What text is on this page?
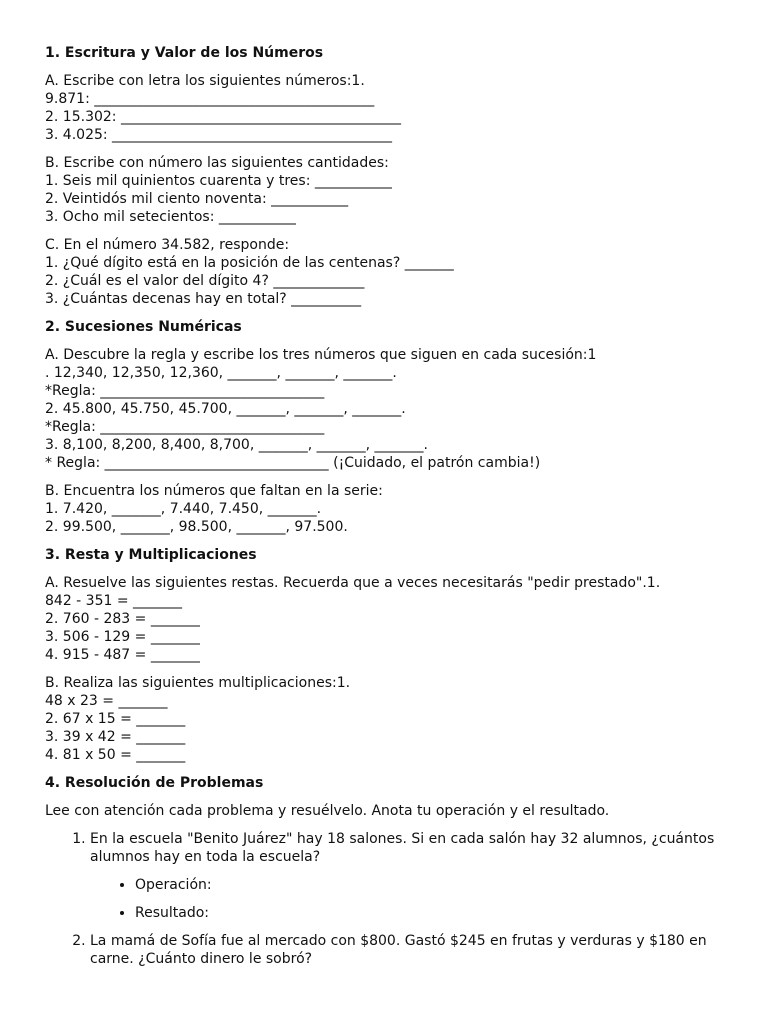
1. Escritura y Valor de los Números
A. Escribe con letra los siguientes números:1.
9.871: ________________________________________
2. 15.302: ________________________________________
3. 4.025: ________________________________________
B. Escribe con número las siguientes cantidades:
1. Seis mil quinientos cuarenta y tres: ___________
2. Veintidós mil ciento noventa: ___________
3. Ocho mil setecientos: ___________
C. En el número 34.582, responde:
1. ¿Qué dígito está en la posición de las centenas? _______
2. ¿Cuál es el valor del dígito 4? _____________
3. ¿Cuántas decenas hay en total? __________
2. Sucesiones Numéricas
A. Descubre la regla y escribe los tres números que siguen en cada sucesión:1
. 12,340, 12,350, 12,360, _______, _______, _______.
*Regla: ________________________________
2. 45.800, 45.750, 45.700, _______, _______, _______.
*Regla: ________________________________
3. 8,100, 8,200, 8,400, 8,700, _______, _______, _______.
* Regla: ________________________________ (¡Cuidado, el patrón cambia!)
B. Encuentra los números que faltan en la serie:
1. 7.420, _______, 7.440, 7.450, _______.
2. 99.500, _______, 98.500, _______, 97.500.
3. Resta y Multiplicaciones
A. Resuelve las siguientes restas. Recuerda que a veces necesitarás "pedir prestado".1.
842 - 351 = _______
2. 760 - 283 = _______
3. 506 - 129 = _______
4. 915 - 487 = _______
B. Realiza las siguientes multiplicaciones:1.
48 x 23 = _______
2. 67 x 15 = _______
3. 39 x 42 = _______
4. 81 x 50 = _______
4. Resolución de Problemas
Lee con atención cada problema y resuélvelo. Anota tu operación y el resultado.
1. En la escuela "Benito Juárez" hay 18 salones. Si en cada salón hay 32 alumnos, ¿cuántos alumnos hay en toda la escuela?
• Operación:
• Resultado:
2. La mamá de Sofía fue al mercado con $800. Gastó $245 en frutas y verduras y $180 en carne. ¿Cuánto dinero le sobró?
